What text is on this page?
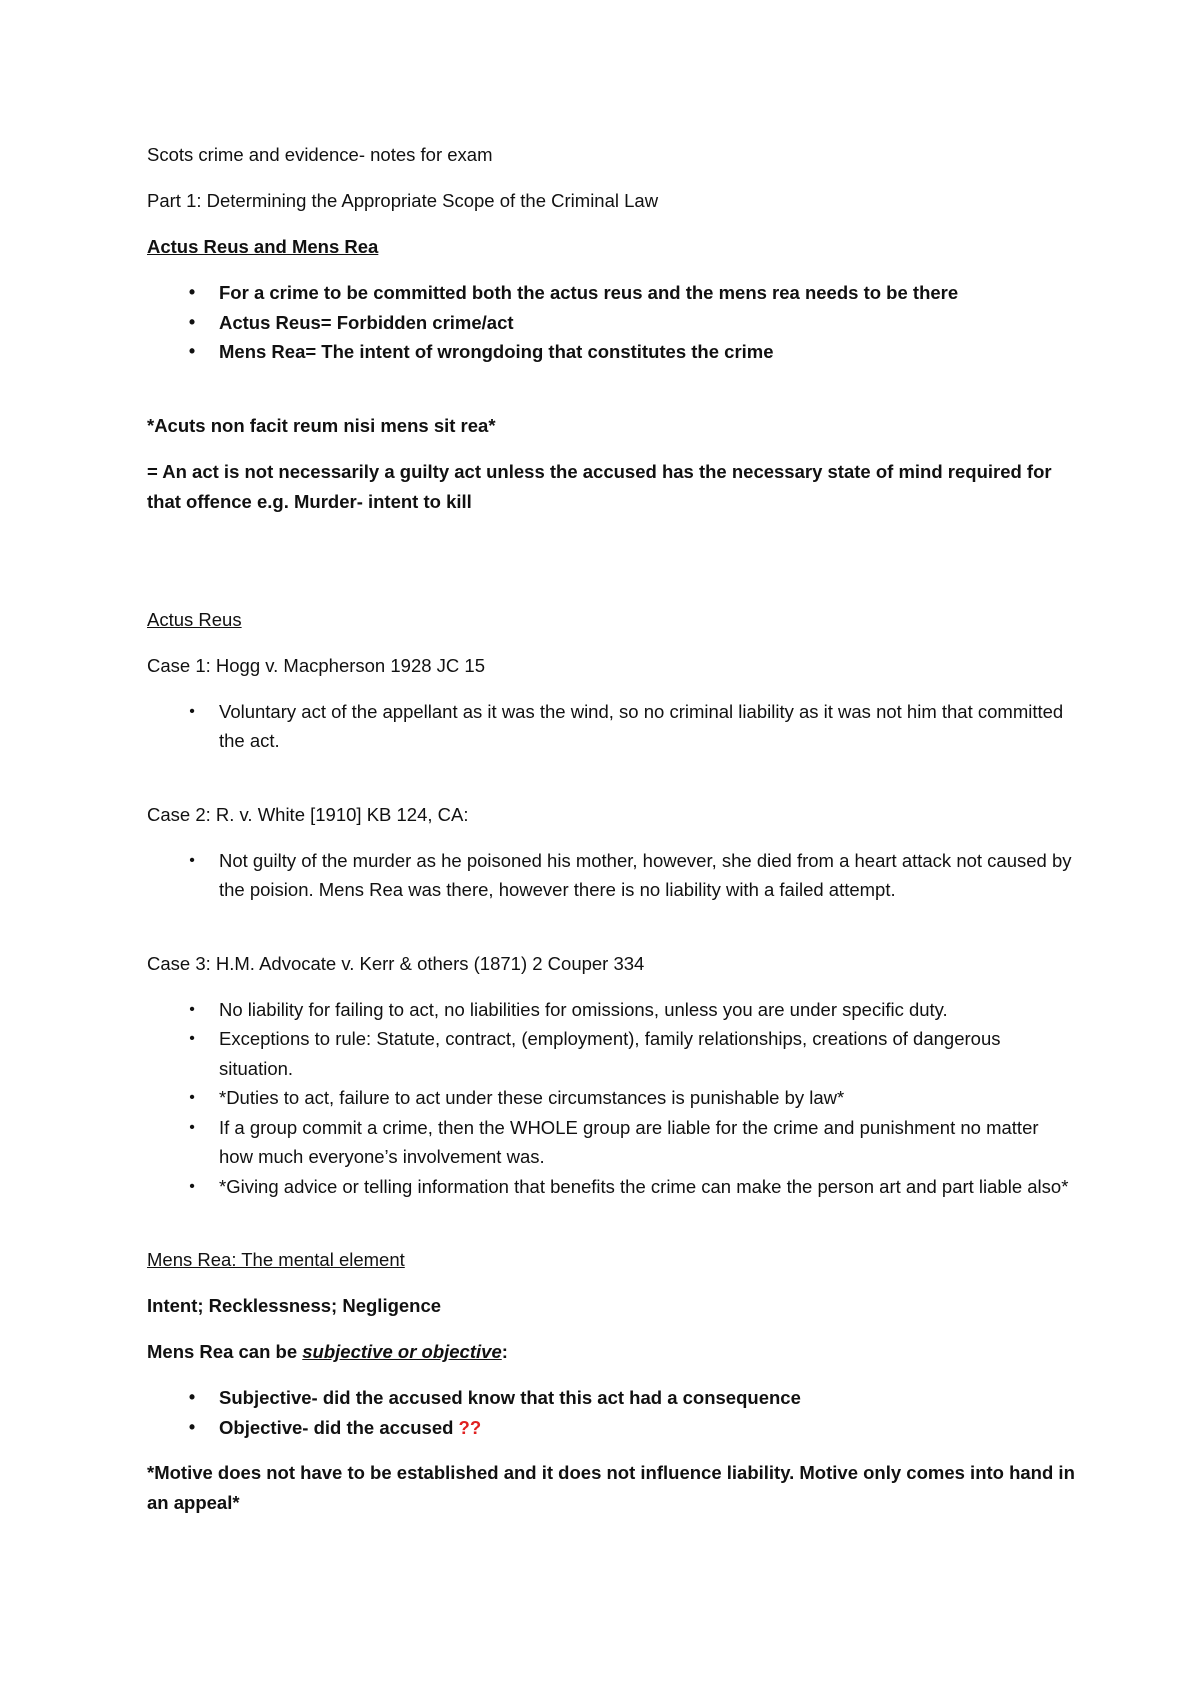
Scots crime and evidence- notes for exam

Part 1: Determining the Appropriate Scope of the Criminal Law

Actus Reus and Mens Rea

• For a crime to be committed both the actus reus and the mens rea needs to be there
• Actus Reus= Forbidden crime/act
• Mens Rea= The intent of wrongdoing that constitutes the crime

*Acuts non facit reum nisi mens sit rea*

= An act is not necessarily a guilty act unless the accused has the necessary state of mind required for that offence e.g. Murder- intent to kill

Actus Reus

Case 1: Hogg v. Macpherson 1928 JC 15

• Voluntary act of the appellant as it was the wind, so no criminal liability as it was not him that committed the act.

Case 2: R. v. White [1910] KB 124, CA:

• Not guilty of the murder as he poisoned his mother, however, she died from a heart attack not caused by the poision. Mens Rea was there, however there is no liability with a failed attempt.

Case 3: H.M. Advocate v. Kerr & others (1871) 2 Couper 334

• No liability for failing to act, no liabilities for omissions, unless you are under specific duty.
• Exceptions to rule: Statute, contract, (employment), family relationships, creations of dangerous situation.
• *Duties to act, failure to act under these circumstances is punishable by law*
• If a group commit a crime, then the WHOLE group are liable for the crime and punishment no matter how much everyone’s involvement was.
• *Giving advice or telling information that benefits the crime can make the person art and part liable also*

Mens Rea: The mental element

Intent; Recklessness; Negligence

Mens Rea can be subjective or objective:

• Subjective- did the accused know that this act had a consequence
• Objective- did the accused ??

*Motive does not have to be established and it does not influence liability. Motive only comes into hand in an appeal*
